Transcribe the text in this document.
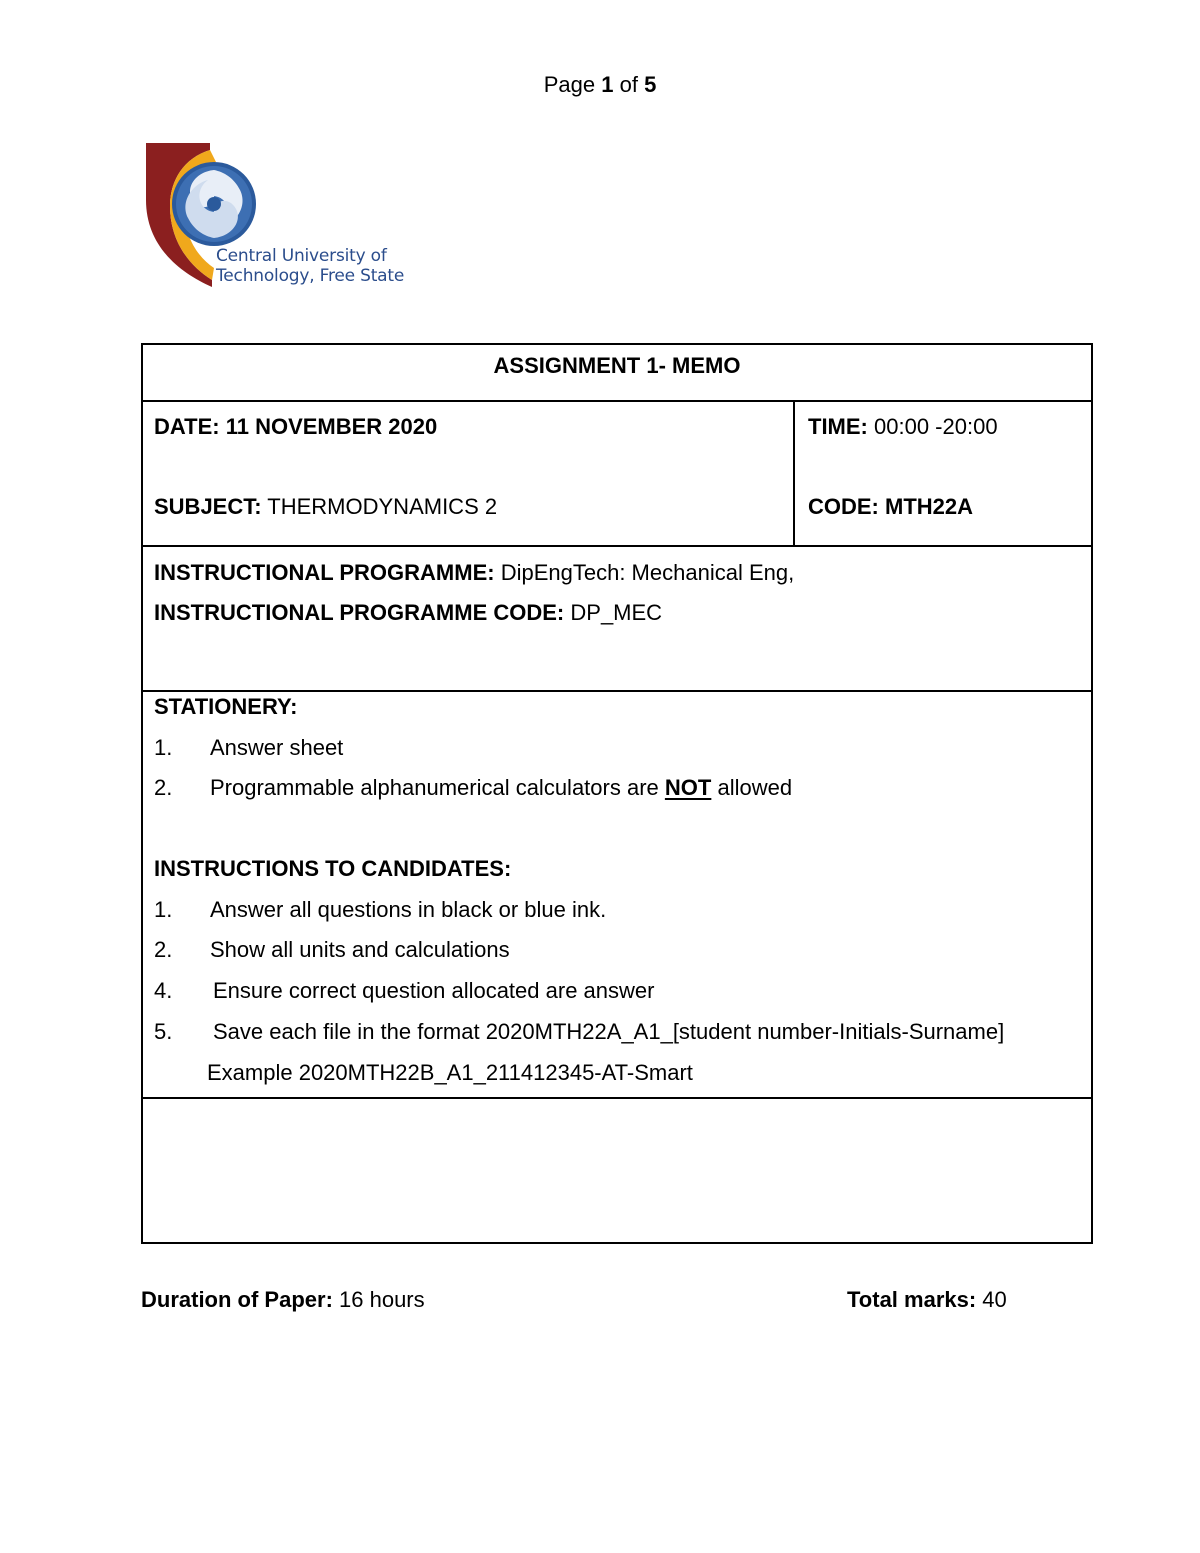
Page 1 of 5
Central University of
Technology, Free State
ASSIGNMENT 1- MEMO
DATE: 11 NOVEMBER 2020	TIME: 00:00 -20:00
SUBJECT: THERMODYNAMICS 2	CODE: MTH22A
INSTRUCTIONAL PROGRAMME: DipEngTech: Mechanical Eng,
INSTRUCTIONAL PROGRAMME CODE: DP_MEC
STATIONERY:
1. Answer sheet
2. Programmable alphanumerical calculators are NOT allowed
INSTRUCTIONS TO CANDIDATES:
1. Answer all questions in black or blue ink.
2. Show all units and calculations
4. Ensure correct question allocated are answer
5. Save each file in the format 2020MTH22A_A1_[student number-Initials-Surname]
Example 2020MTH22B_A1_211412345-AT-Smart
Duration of Paper: 16 hours	Total marks: 40
